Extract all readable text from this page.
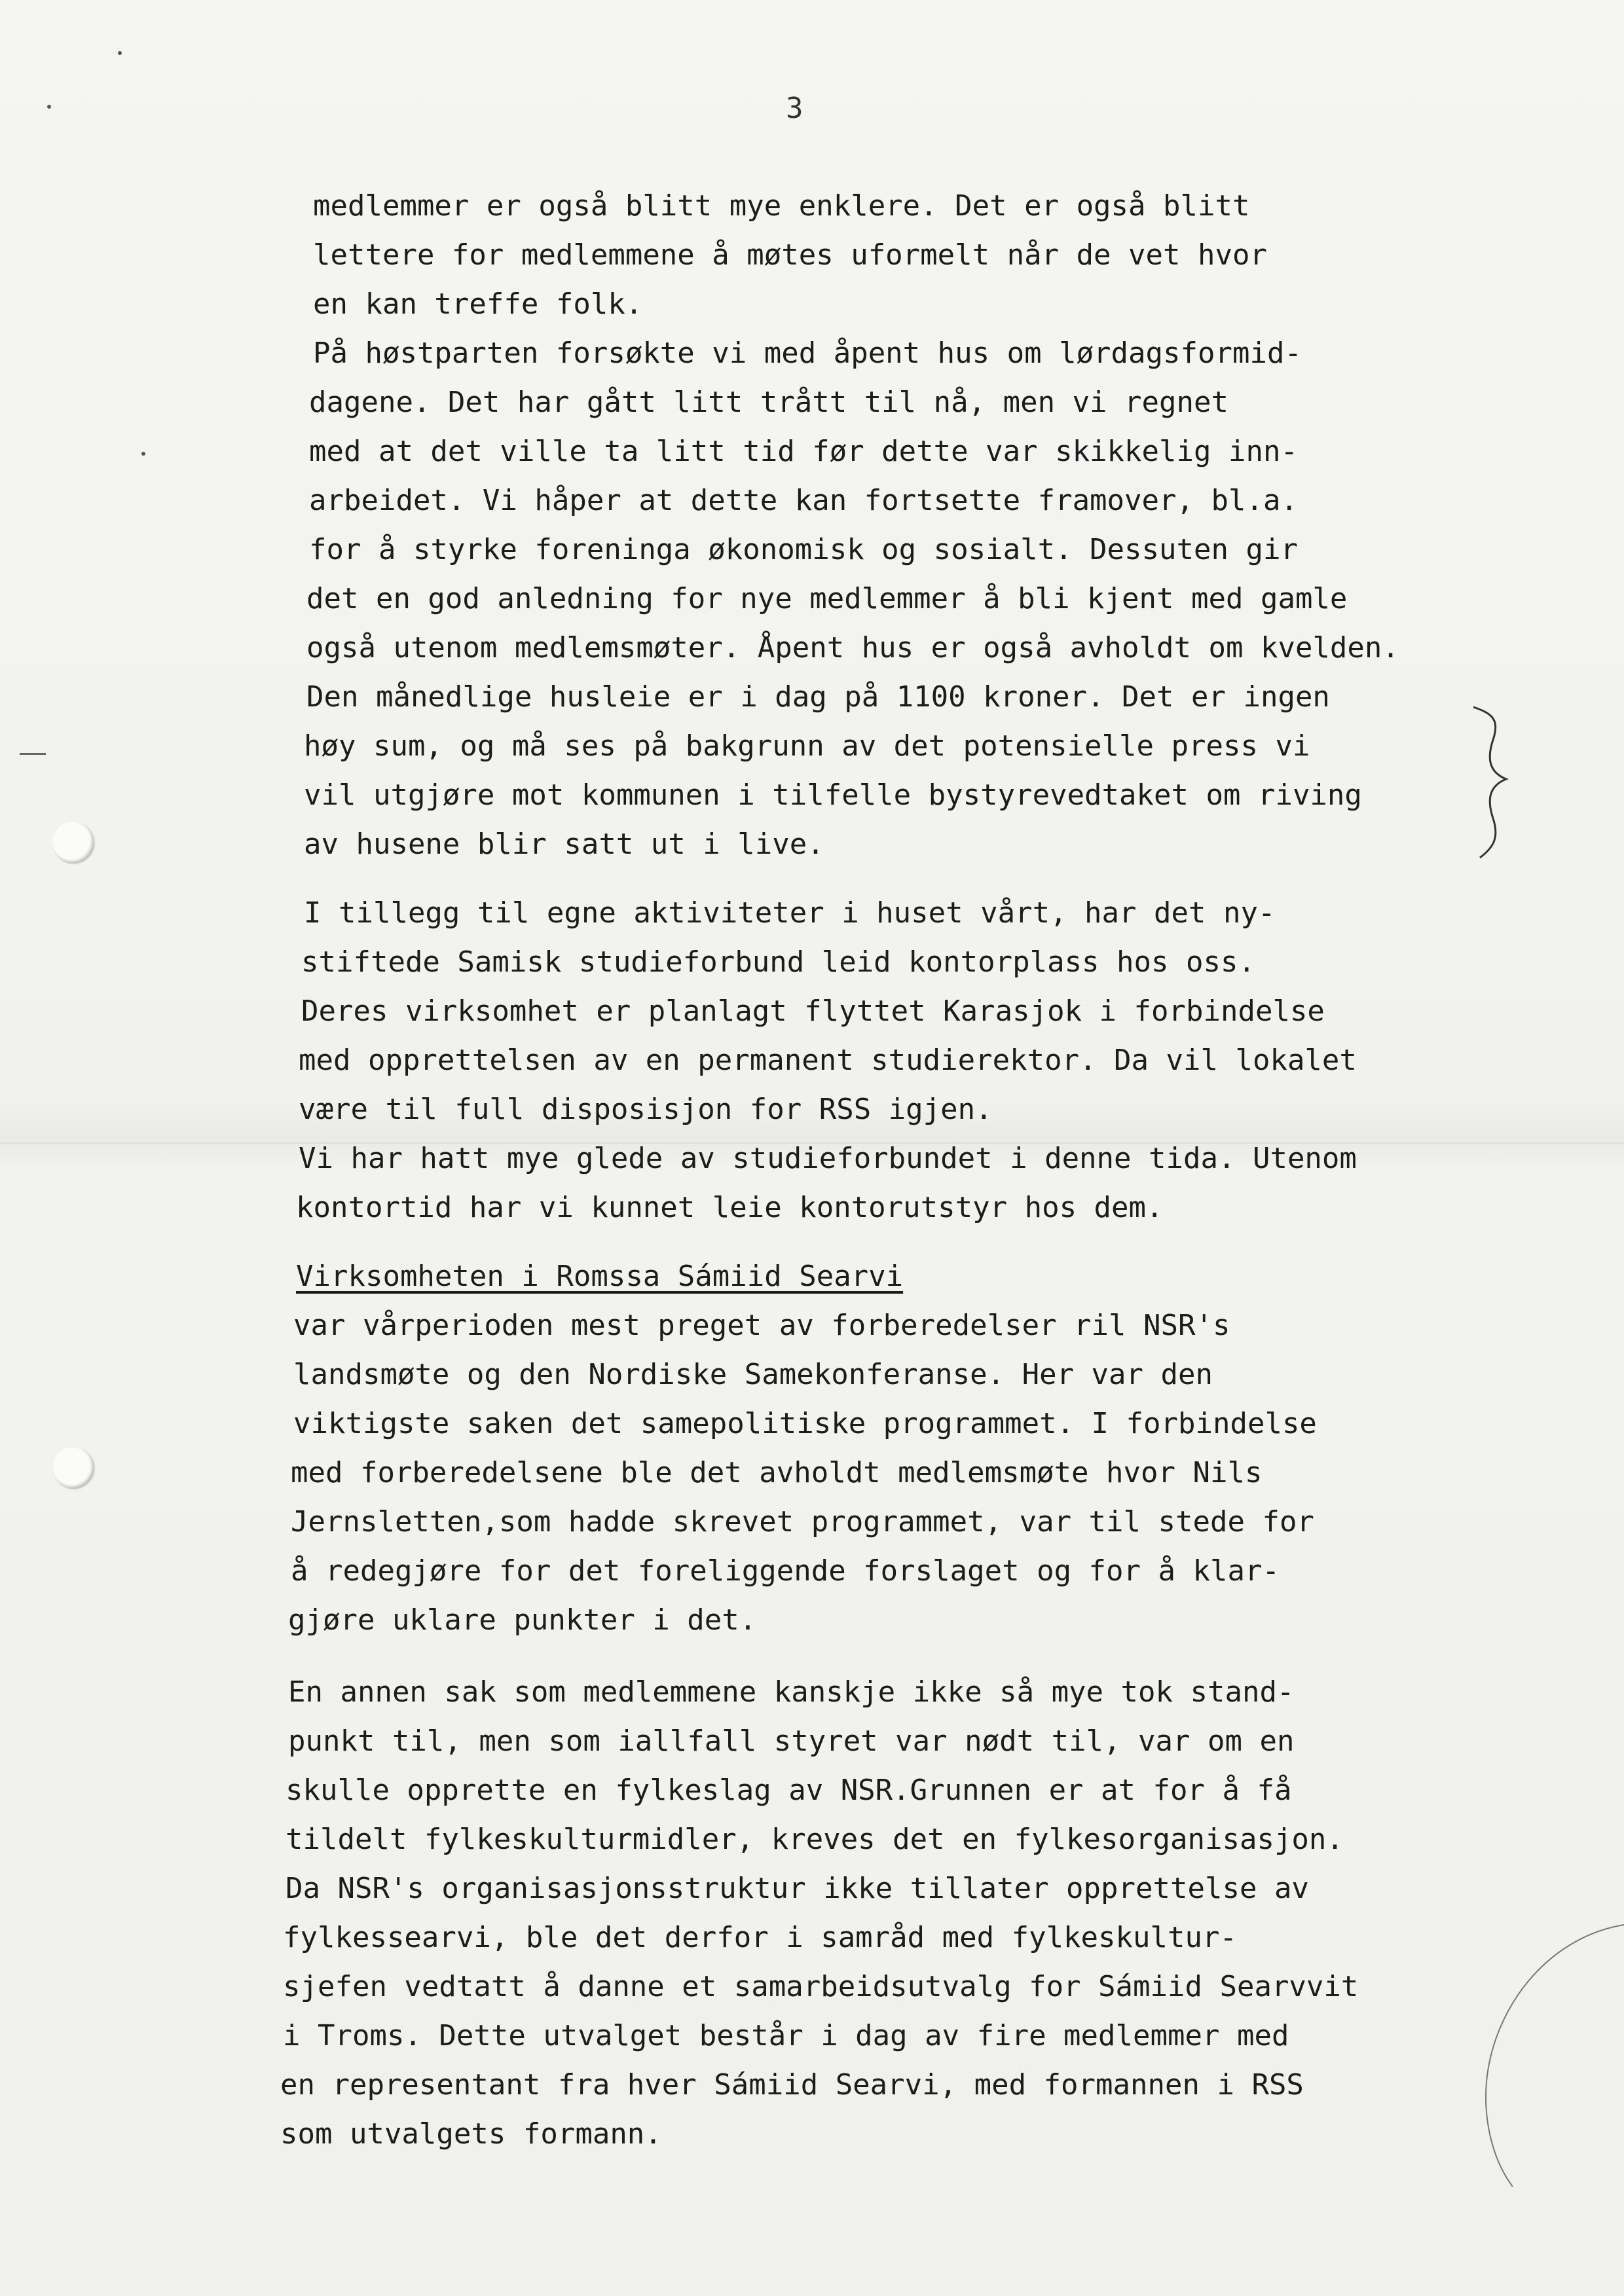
3
medlemmer er også blitt mye enklere. Det er også blitt
lettere for medlemmene å møtes uformelt når de vet hvor
en kan treffe folk.
På høstparten forsøkte vi med åpent hus om lørdagsformid-
dagene. Det har gått litt trått til nå, men vi regnet
med at det ville ta litt tid før dette var skikkelig inn-
arbeidet. Vi håper at dette kan fortsette framover, bl.a.
for å styrke foreninga økonomisk og sosialt. Dessuten gir
det en god anledning for nye medlemmer å bli kjent med gamle
også utenom medlemsmøter. Åpent hus er også avholdt om kvelden.
Den månedlige husleie er i dag på 1100 kroner. Det er ingen
høy sum, og må ses på bakgrunn av det potensielle press vi
vil utgjøre mot kommunen i tilfelle bystyrevedtaket om riving
av husene blir satt ut i live.
I tillegg til egne aktiviteter i huset vårt, har det ny-
stiftede Samisk studieforbund leid kontorplass hos oss.
Deres virksomhet er planlagt flyttet Karasjok i forbindelse
med opprettelsen av en permanent studierektor. Da vil lokalet
være til full disposisjon for RSS igjen.
Vi har hatt mye glede av studieforbundet i denne tida. Utenom
kontortid har vi kunnet leie kontorutstyr hos dem.
Virksomheten i Romssa Sámiid Searvi
var vårperioden mest preget av forberedelser ril NSR's
landsmøte og den Nordiske Samekonferanse. Her var den
viktigste saken det samepolitiske programmet. I forbindelse
med forberedelsene ble det avholdt medlemsmøte hvor Nils
Jernsletten,som hadde skrevet programmet, var til stede for
å redegjøre for det foreliggende forslaget og for å klar-
gjøre uklare punkter i det.
En annen sak som medlemmene kanskje ikke så mye tok stand-
punkt til, men som iallfall styret var nødt til, var om en
skulle opprette en fylkeslag av NSR.Grunnen er at for å få
tildelt fylkeskulturmidler, kreves det en fylkesorganisasjon.
Da NSR's organisasjonsstruktur ikke tillater opprettelse av
fylkessearvi, ble det derfor i samråd med fylkeskultur-
sjefen vedtatt å danne et samarbeidsutvalg for Sámiid Searvvit
i Troms. Dette utvalget består i dag av fire medlemmer med
en representant fra hver Sámiid Searvi, med formannen i RSS
som utvalgets formann.
